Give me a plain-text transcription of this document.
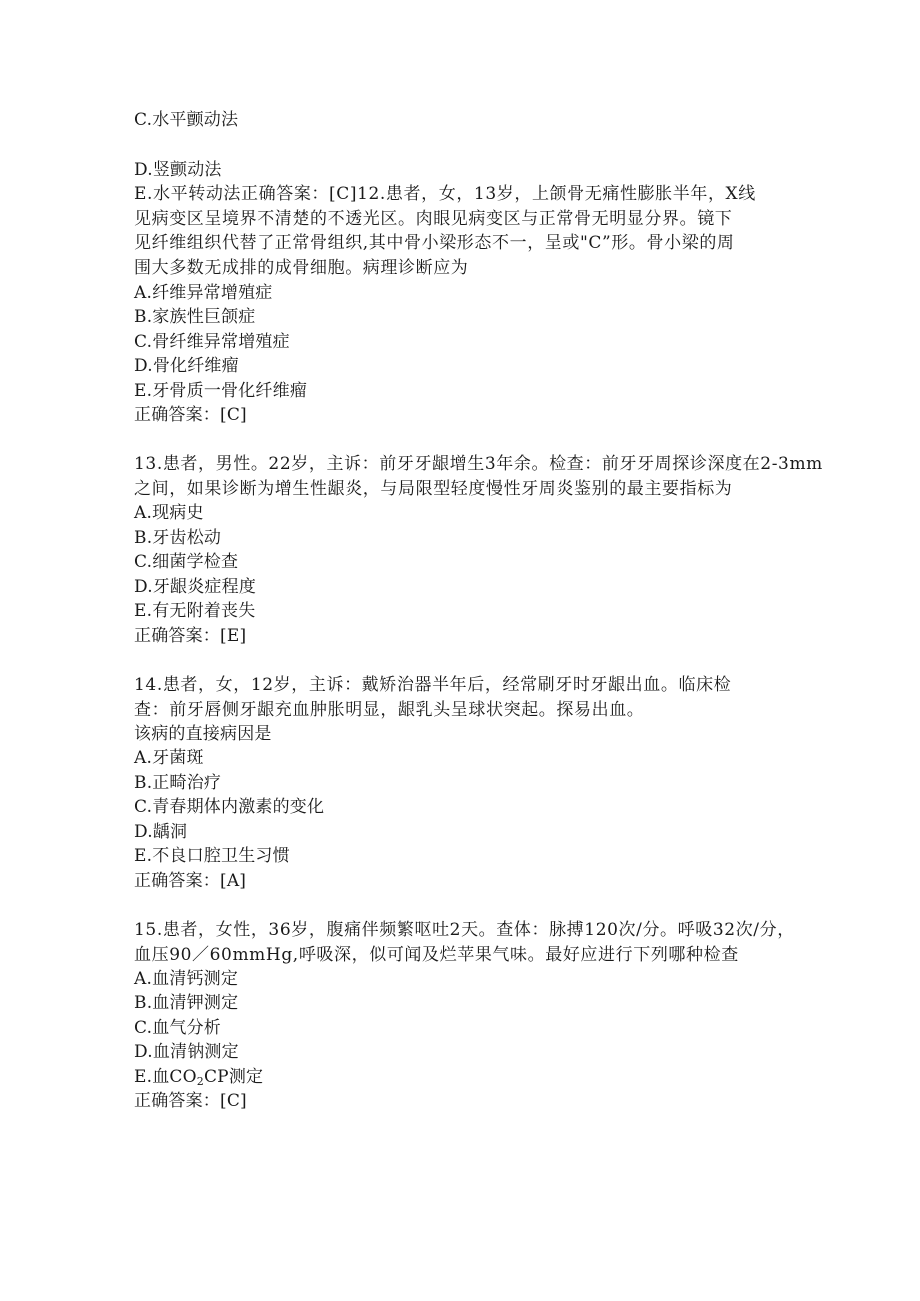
C.水平颤动法
D.竖颤动法
E.水平转动法正确答案：[C]12.患者，女，13岁，上颌骨无痛性膨胀半年，X线
见病变区呈境界不清楚的不透光区。肉眼见病变区与正常骨无明显分界。镜下
见纤维组织代替了正常骨组织,其中骨小梁形态不一，呈或"C”形。骨小梁的周
围大多数无成排的成骨细胞。病理诊断应为
A.纤维异常增殖症
B.家族性巨颌症
C.骨纤维异常增殖症
D.骨化纤维瘤
E.牙骨质一骨化纤维瘤
正确答案：[C]
13.患者，男性。22岁，主诉：前牙牙龈增生3年余。检查：前牙牙周探诊深度在2-3mm
之间，如果诊断为增生性龈炎，与局限型轻度慢性牙周炎鉴别的最主要指标为
A.现病史
B.牙齿松动
C.细菌学检查
D.牙龈炎症程度
E.有无附着丧失
正确答案：[E]
14.患者，女，12岁，主诉：戴矫治器半年后，经常刷牙时牙龈出血。临床检
查：前牙唇侧牙龈充血肿胀明显，龈乳头呈球状突起。探易出血。
该病的直接病因是
A.牙菌斑
B.正畸治疗
C.青春期体内激素的变化
D.龋洞
E.不良口腔卫生习惯
正确答案：[A]
15.患者，女性，36岁，腹痛伴频繁呕吐2天。查体：脉搏120次/分。呼吸32次/分，
血压90／60mmHg,呼吸深，似可闻及烂苹果气味。最好应进行下列哪种检查
A.血清钙测定
B.血清钾测定
C.血气分析
D.血清钠测定
E.血$CO_2CP$测定
正确答案：[C]
